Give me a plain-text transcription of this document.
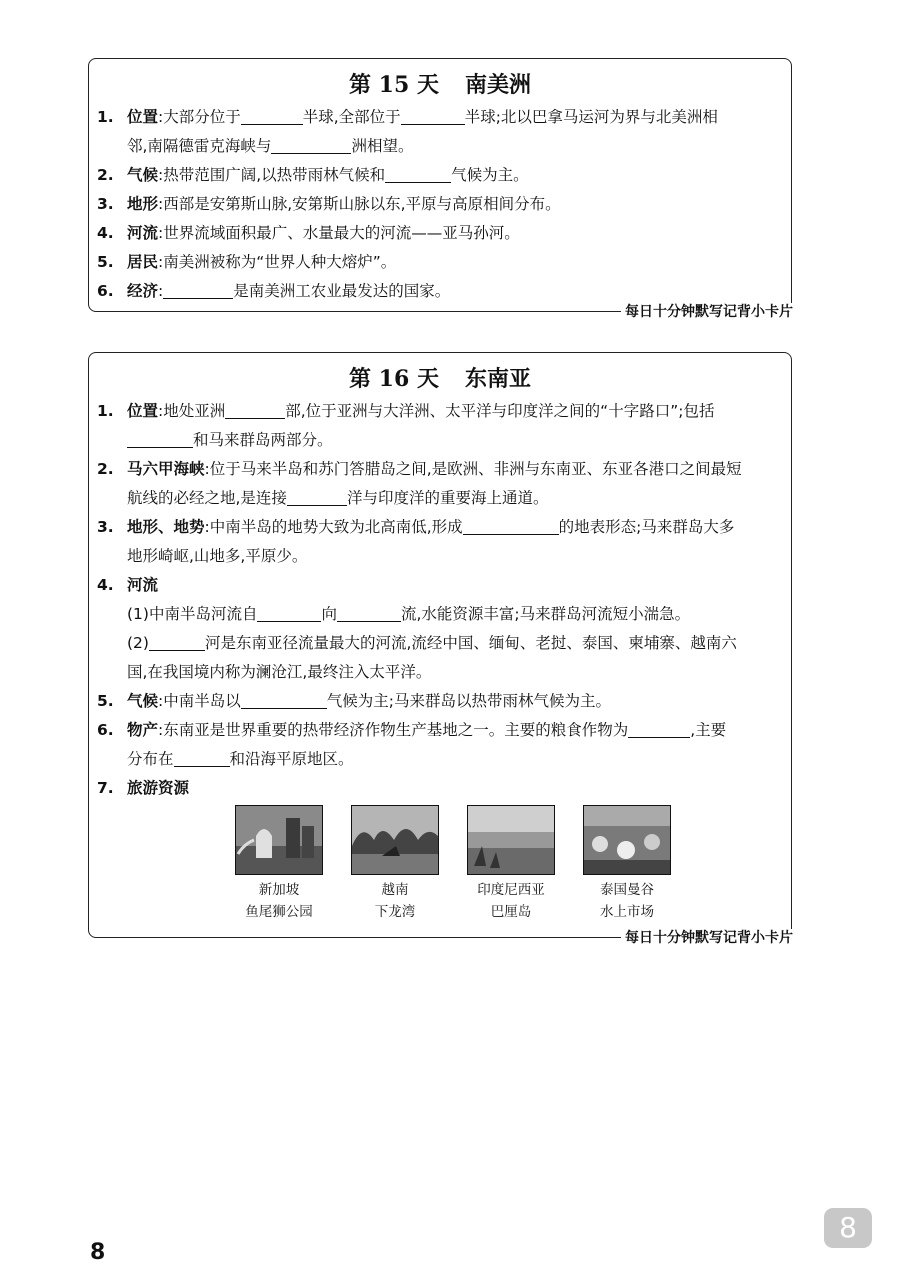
第 15 天 南美洲
1. 位置:大部分位于	半球,全部位于	半球;北以巴拿马运河为界与北美洲相
邻,南隔德雷克海峡与	洲相望。
2. 气候:热带范围广阔,以热带雨林气候和	气候为主。
3. 地形:西部是安第斯山脉,安第斯山脉以东,平原与高原相间分布。
4. 河流:世界流域面积最广、水量最大的河流——亚马孙河。
5. 居民:南美洲被称为“世界人种大熔炉”。
6. 经济:	是南美洲工农业最发达的国家。
每日十分钟默写记背小卡片
第 16 天 东南亚
1. 位置:地处亚洲	部,位于亚洲与大洋洲、太平洋与印度洋之间的“十字路口”;包括
和马来群岛两部分。
2. 马六甲海峡:位于马来半岛和苏门答腊岛之间,是欧洲、非洲与东南亚、东亚各港口之间最短
航线的必经之地,是连接	洋与印度洋的重要海上通道。
3. 地形、地势:中南半岛的地势大致为北高南低,形成	的地表形态;马来群岛大多
地形崎岖,山地多,平原少。
4. 河流
(1)中南半岛河流自	向	流,水能资源丰富;马来群岛河流短小湍急。
(2)	河是东南亚径流量最大的河流,流经中国、缅甸、老挝、泰国、柬埔寨、越南六
国,在我国境内称为澜沧江,最终注入太平洋。
5. 气候:中南半岛以	气候为主;马来群岛以热带雨林气候为主。
6. 物产:东南亚是世界重要的热带经济作物生产基地之一。主要的粮食作物为	,主要
分布在	和沿海平原地区。
7. 旅游资源
新加坡
鱼尾狮公园
越南
下龙湾
印度尼西亚
巴厘岛
泰国曼谷
水上市场
每日十分钟默写记背小卡片
8
8
